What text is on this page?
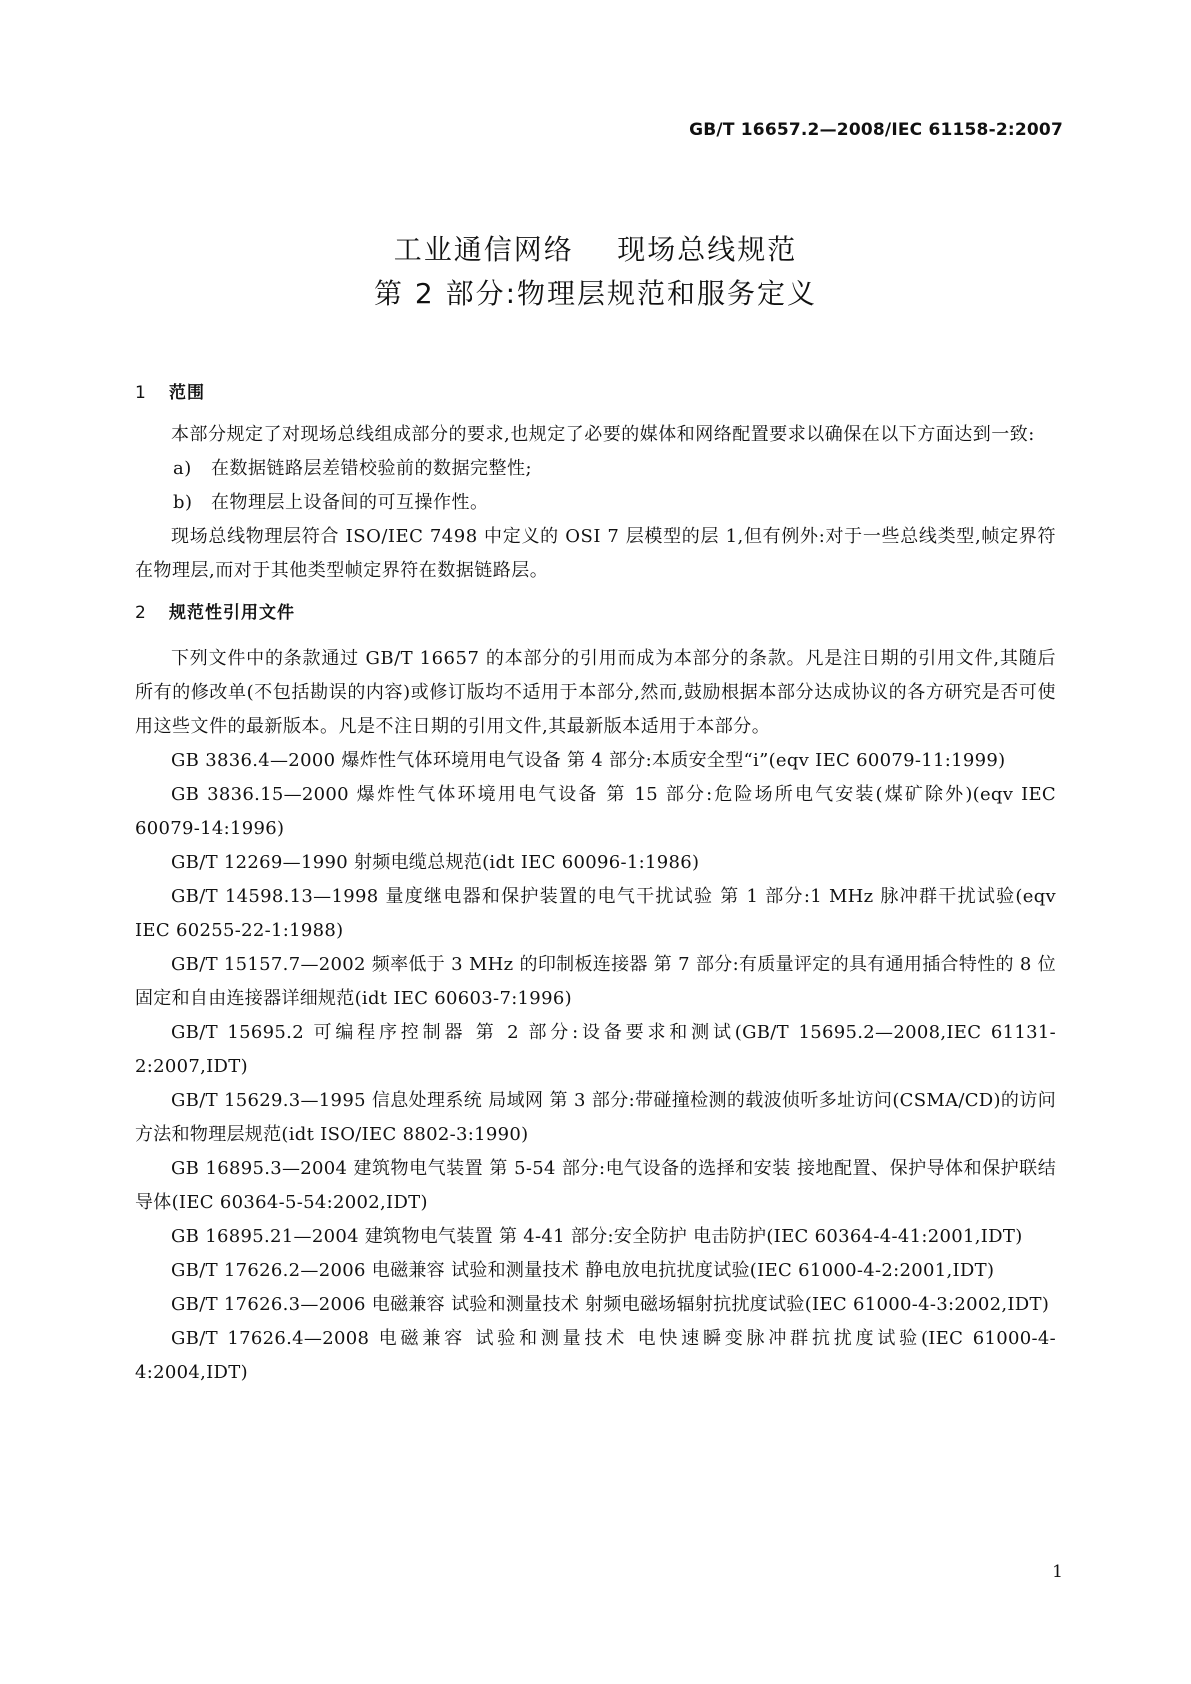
GB/T 16657.2—2008/IEC 61158-2:2007
工业通信网络    现场总线规范
第 2 部分:物理层规范和服务定义

1 范围

本部分规定了对现场总线组成部分的要求,也规定了必要的媒体和网络配置要求以确保在以下方面达到一致:

a) 在数据链路层差错校验前的数据完整性;

b) 在物理层上设备间的可互操作性。

现场总线物理层符合 ISO/IEC 7498 中定义的 OSI 7 层模型的层 1,但有例外:对于一些总线类型,帧定界符在物理层,而对于其他类型帧定界符在数据链路层。

2 规范性引用文件

下列文件中的条款通过 GB/T 16657 的本部分的引用而成为本部分的条款。凡是注日期的引用文件,其随后所有的修改单(不包括勘误的内容)或修订版均不适用于本部分,然而,鼓励根据本部分达成协议的各方研究是否可使用这些文件的最新版本。凡是不注日期的引用文件,其最新版本适用于本部分。

GB 3836.4—2000 爆炸性气体环境用电气设备 第 4 部分:本质安全型“i”(eqv IEC 60079-11:1999)

GB 3836.15—2000 爆炸性气体环境用电气设备 第 15 部分:危险场所电气安装(煤矿除外)(eqv IEC 60079-14:1996)

GB/T 12269—1990 射频电缆总规范(idt IEC 60096-1:1986)

GB/T 14598.13—1998 量度继电器和保护装置的电气干扰试验 第 1 部分:1 MHz 脉冲群干扰试验(eqv IEC 60255-22-1:1988)

GB/T 15157.7—2002 频率低于 3 MHz 的印制板连接器 第 7 部分:有质量评定的具有通用插合特性的 8 位固定和自由连接器详细规范(idt IEC 60603-7:1996)

GB/T 15695.2 可编程序控制器 第 2 部分:设备要求和测试(GB/T 15695.2—2008,IEC 61131-2:2007,IDT)

GB/T 15629.3—1995 信息处理系统 局域网 第 3 部分:带碰撞检测的载波侦听多址访问(CSMA/CD)的访问方法和物理层规范(idt ISO/IEC 8802-3:1990)

GB 16895.3—2004 建筑物电气装置 第 5-54 部分:电气设备的选择和安装 接地配置、保护导体和保护联结导体(IEC 60364-5-54:2002,IDT)

GB 16895.21—2004 建筑物电气装置 第 4-41 部分:安全防护 电击防护(IEC 60364-4-41:2001,IDT)

GB/T 17626.2—2006 电磁兼容 试验和测量技术 静电放电抗扰度试验(IEC 61000-4-2:2001,IDT)

GB/T 17626.3—2006 电磁兼容 试验和测量技术 射频电磁场辐射抗扰度试验(IEC 61000-4-3:2002,IDT)

GB/T 17626.4—2008 电磁兼容 试验和测量技术 电快速瞬变脉冲群抗扰度试验(IEC 61000-4-4:2004,IDT)

1
